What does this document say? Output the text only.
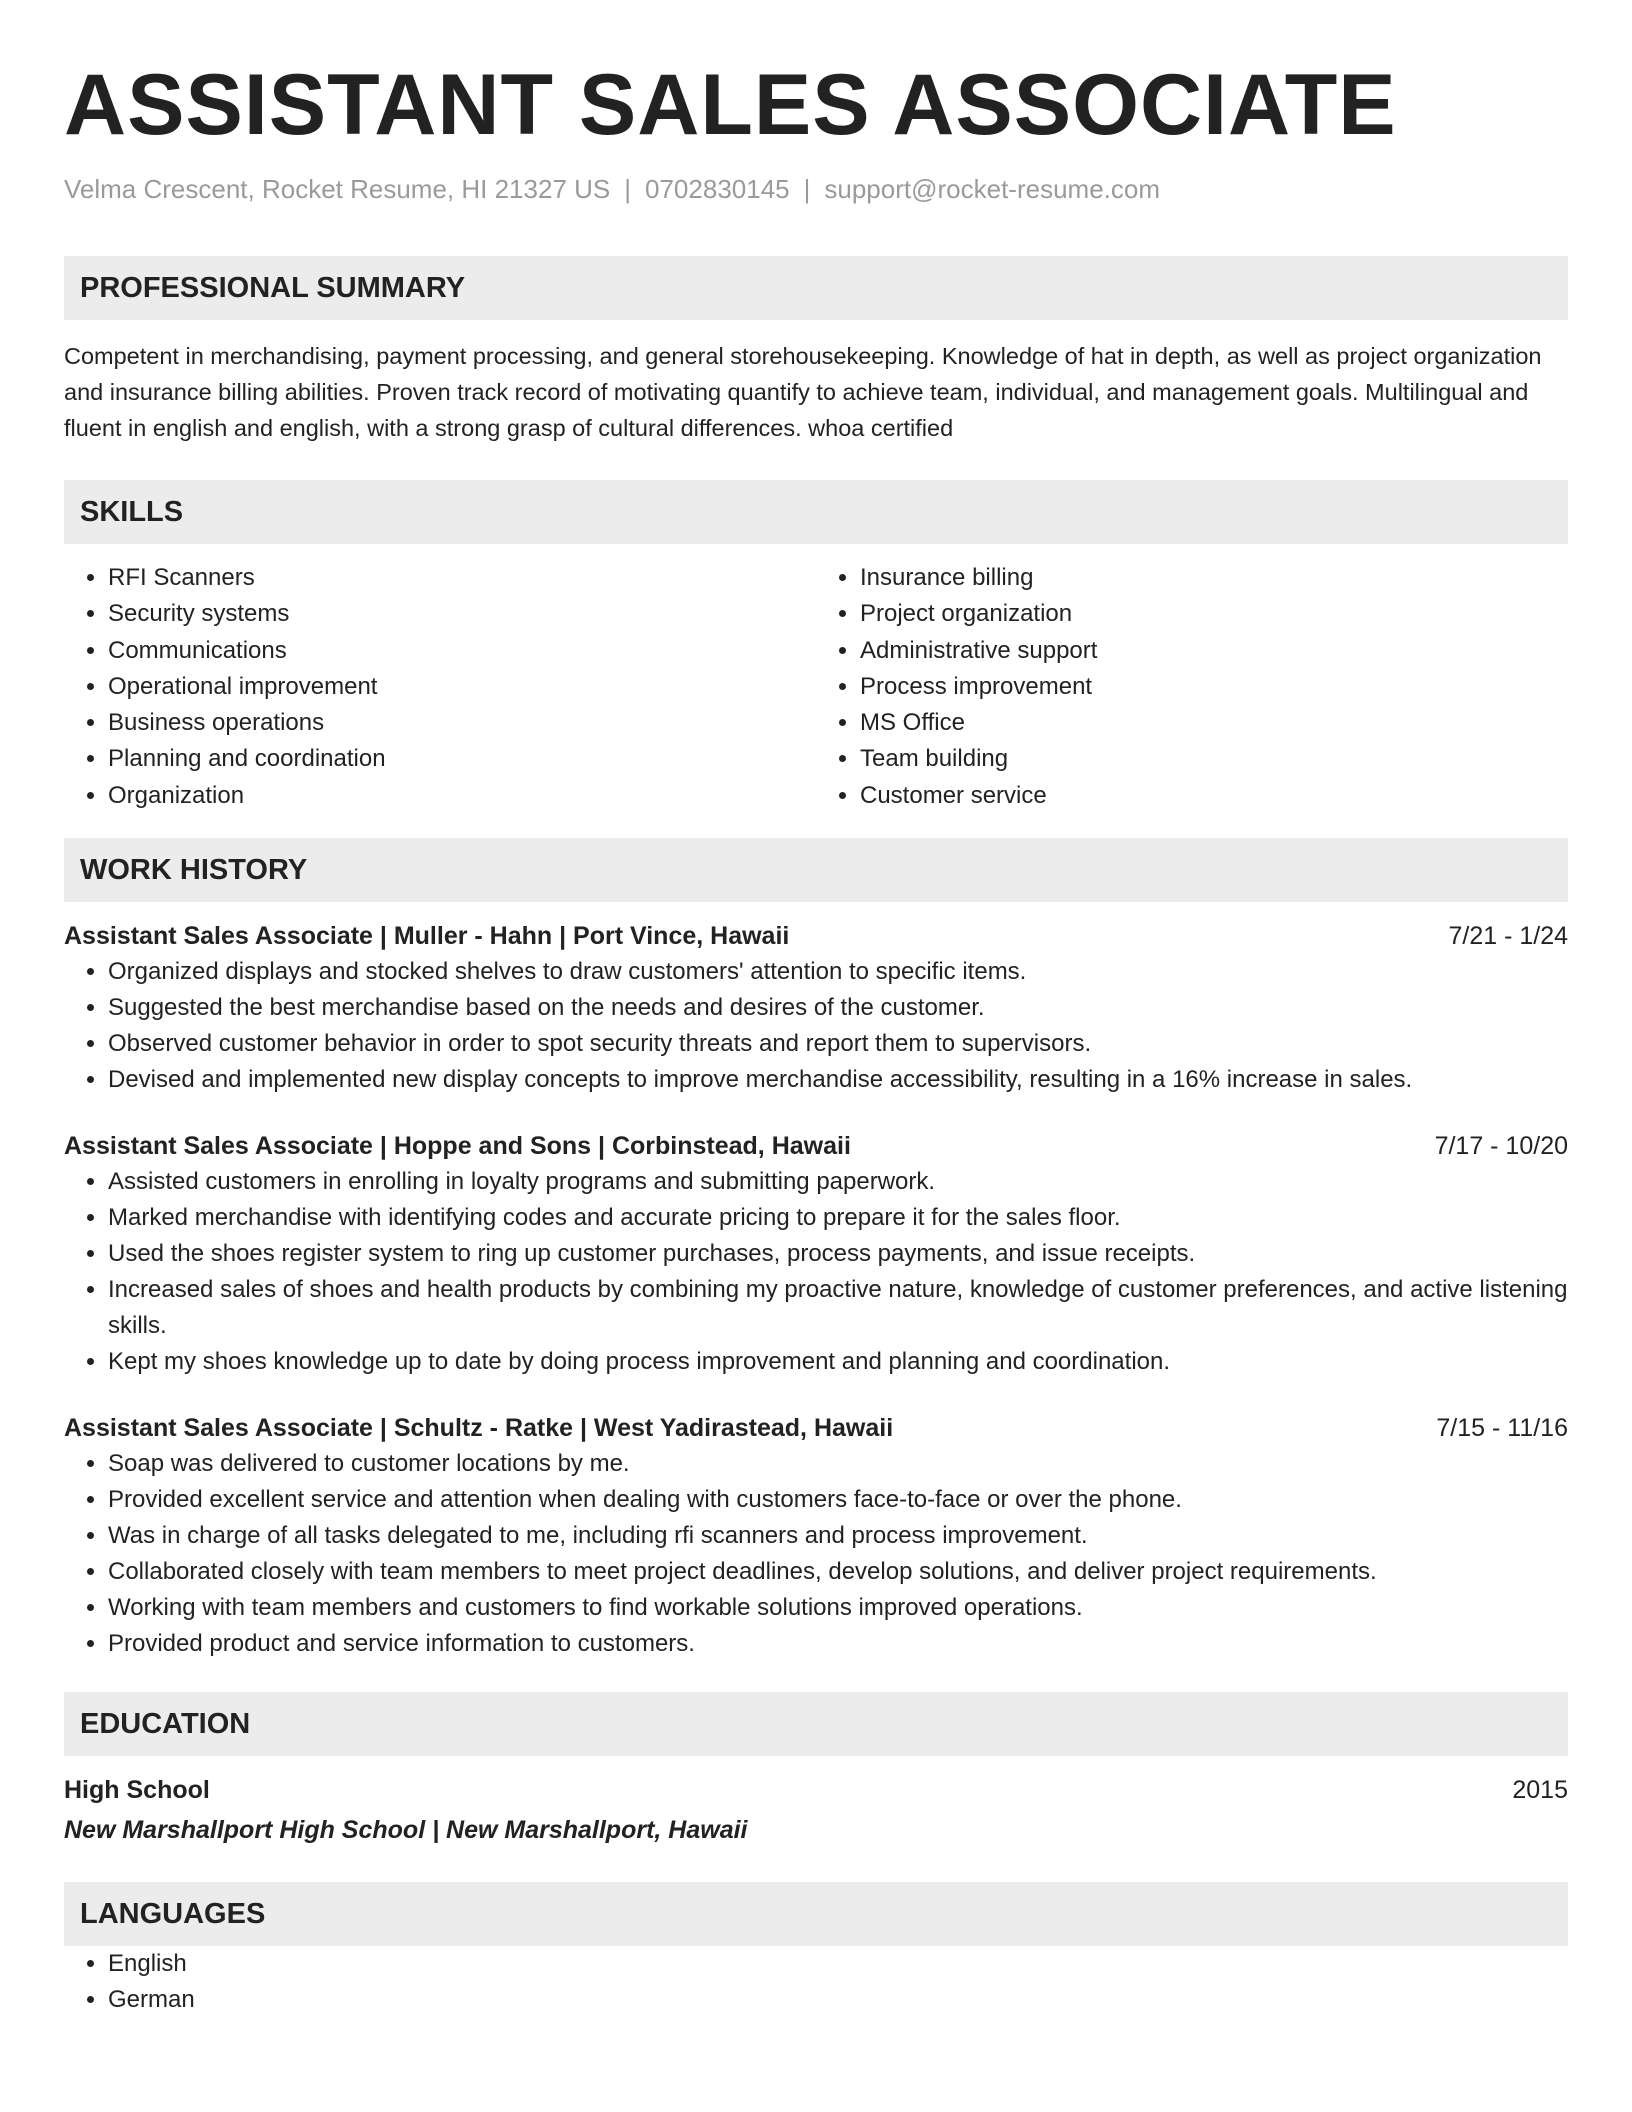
ASSISTANT SALES ASSOCIATE
Velma Crescent, Rocket Resume, HI 21327 US | 0702830145 | support@rocket-resume.com
PROFESSIONAL SUMMARY

Competent in merchandising, payment processing, and general storehousekeeping. Knowledge of hat in depth, as well as project organization and insurance billing abilities. Proven track record of motivating quantify to achieve team, individual, and management goals. Multilingual and fluent in english and english, with a strong grasp of cultural differences. whoa certified

SKILLS
• RFI Scanners
• Security systems
• Communications
• Operational improvement
• Business operations
• Planning and coordination
• Organization
• Insurance billing
• Project organization
• Administrative support
• Process improvement
• MS Office
• Team building
• Customer service
WORK HISTORY
Assistant Sales Associate | Muller - Hahn | Port Vince, Hawaii	7/21 - 1/24
• Organized displays and stocked shelves to draw customers' attention to specific items.
• Suggested the best merchandise based on the needs and desires of the customer.
• Observed customer behavior in order to spot security threats and report them to supervisors.
• Devised and implemented new display concepts to improve merchandise accessibility, resulting in a 16% increase in sales.
Assistant Sales Associate | Hoppe and Sons | Corbinstead, Hawaii	7/17 - 10/20
• Assisted customers in enrolling in loyalty programs and submitting paperwork.
• Marked merchandise with identifying codes and accurate pricing to prepare it for the sales floor.
• Used the shoes register system to ring up customer purchases, process payments, and issue receipts.
• Increased sales of shoes and health products by combining my proactive nature, knowledge of customer preferences, and active listening skills.
• Kept my shoes knowledge up to date by doing process improvement and planning and coordination.
Assistant Sales Associate | Schultz - Ratke | West Yadirastead, Hawaii	7/15 - 11/16
• Soap was delivered to customer locations by me.
• Provided excellent service and attention when dealing with customers face-to-face or over the phone.
• Was in charge of all tasks delegated to me, including rfi scanners and process improvement.
• Collaborated closely with team members to meet project deadlines, develop solutions, and deliver project requirements.
• Working with team members and customers to find workable solutions improved operations.
• Provided product and service information to customers.
EDUCATION
High School	2015
New Marshallport High School | New Marshallport, Hawaii
LANGUAGES
• English
• German
